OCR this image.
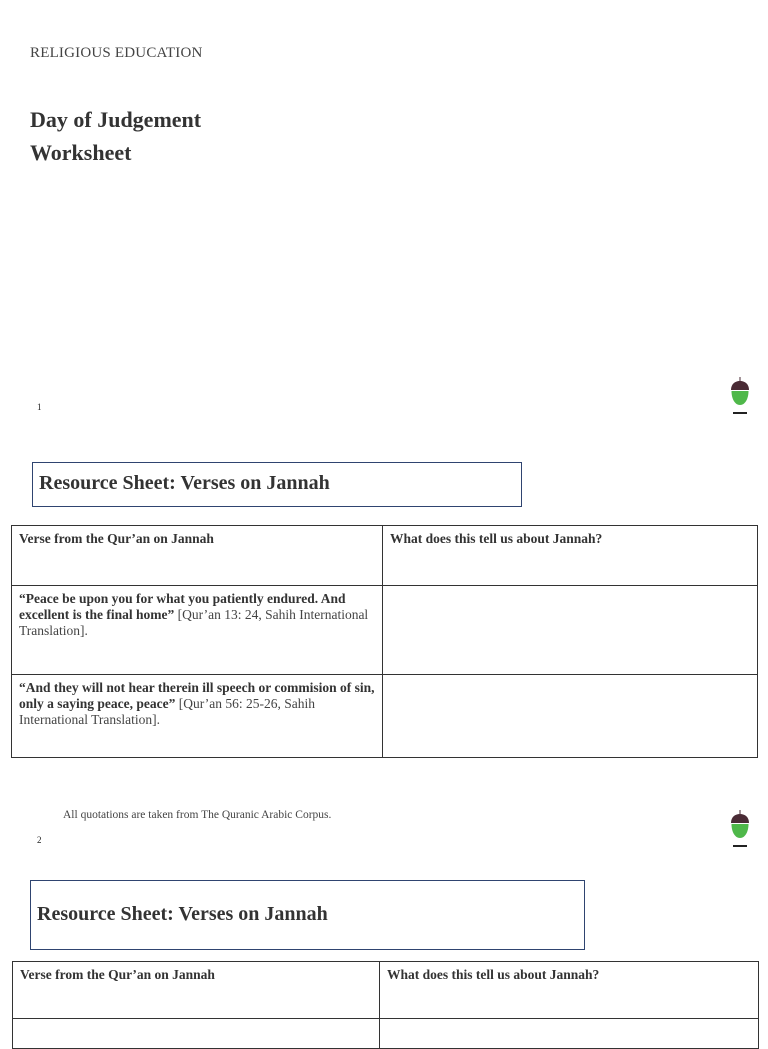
RELIGIOUS EDUCATION
Day of Judgement
Worksheet
1
Resource Sheet: Verses on Jannah
Verse from the Qur’an on Jannah	What does this tell us about Jannah?
“Peace be upon you for what you patiently endured. And excellent is the final home” [Qur’an 13: 24, Sahih International Translation].	
“And they will not hear therein ill speech or commision of sin, only a saying peace, peace” [Qur’an 56: 25-26, Sahih International Translation].	
All quotations are taken from The Quranic Arabic Corpus.
2
Resource Sheet: Verses on Jannah
Verse from the Qur’an on Jannah	What does this tell us about Jannah?
